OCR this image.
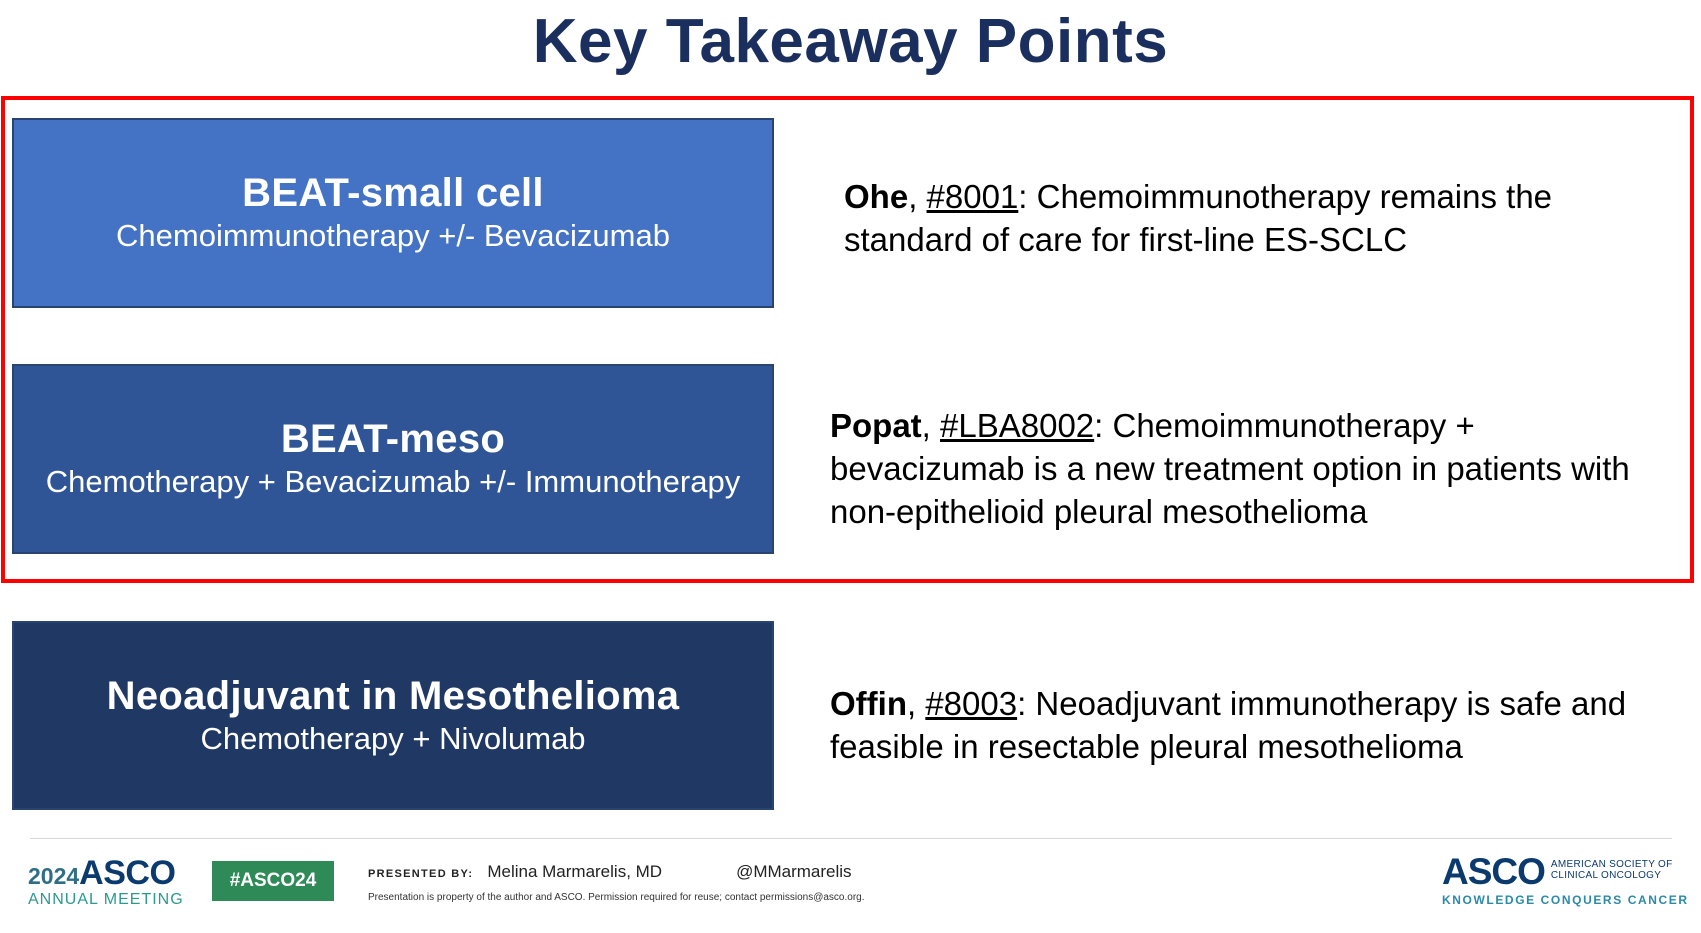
Key Takeaway Points
BEAT-small cell
Chemoimmunotherapy +/- Bevacizumab
BEAT-meso
Chemotherapy + Bevacizumab +/- Immunotherapy
Neoadjuvant in Mesothelioma
Chemotherapy + Nivolumab
Ohe, #8001: Chemoimmunotherapy remains the standard of care for first-line ES-SCLC
Popat, #LBA8002: Chemoimmunotherapy + bevacizumab is a new treatment option in patients with non-epithelioid pleural mesothelioma
Offin, #8003: Neoadjuvant immunotherapy is safe and feasible in resectable pleural mesothelioma
2024ASCO
ANNUAL MEETING
#ASCO24	PRESENTED BY: Melina Marmarelis, MD	@MMarmarelis
Presentation is property of the author and ASCO. Permission required for reuse; contact permissions@asco.org.
ASCO AMERICAN SOCIETY OF
CLINICAL ONCOLOGY
KNOWLEDGE CONQUERS CANCER
